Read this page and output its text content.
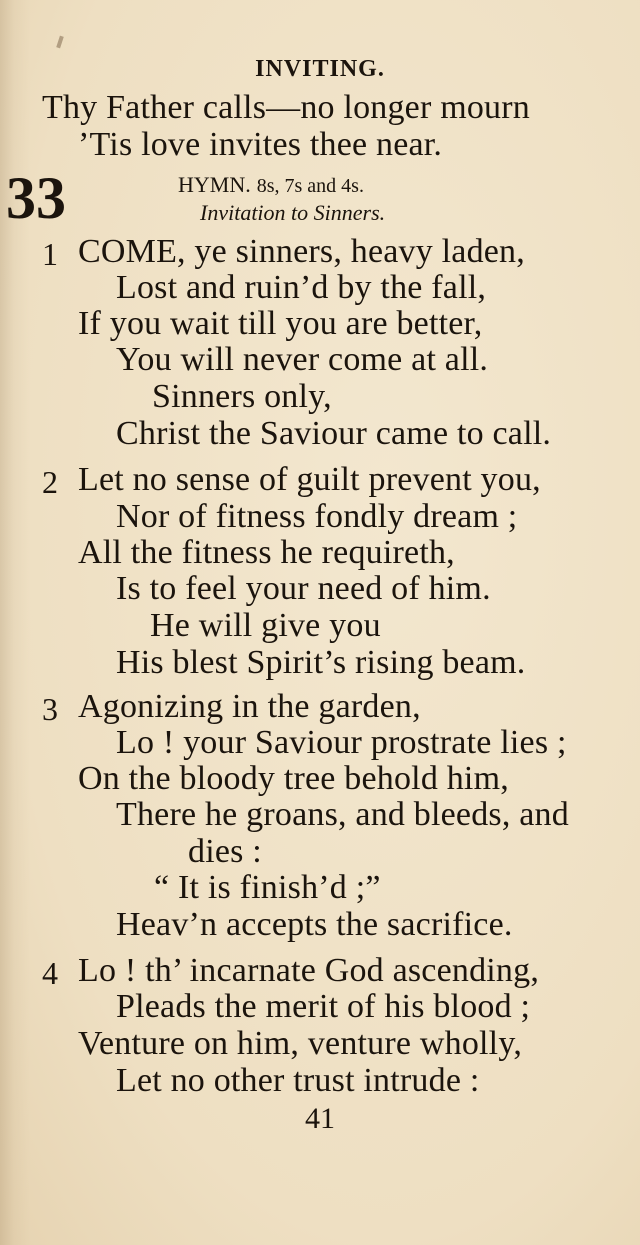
INVITING.
Thy Father calls—no longer mourn
’Tis love invites thee near.
33	HYMN. 8s, 7s and 4s.
Invitation to Sinners.
1 COME, ye sinners, heavy laden,
Lost and ruin’d by the fall,
If you wait till you are better,
You will never come at all.
Sinners only,
Christ the Saviour came to call.
2 Let no sense of guilt prevent you,
Nor of fitness fondly dream ;
All the fitness he requireth,
Is to feel your need of him.
He will give you
His blest Spirit’s rising beam.
3 Agonizing in the garden,
Lo ! your Saviour prostrate lies ;
On the bloody tree behold him,
There he groans, and bleeds, and
dies :
“ It is finish’d ;”
Heav’n accepts the sacrifice.
4 Lo ! th’ incarnate God ascending,
Pleads the merit of his blood ;
Venture on him, venture wholly,
Let no other trust intrude :
41
